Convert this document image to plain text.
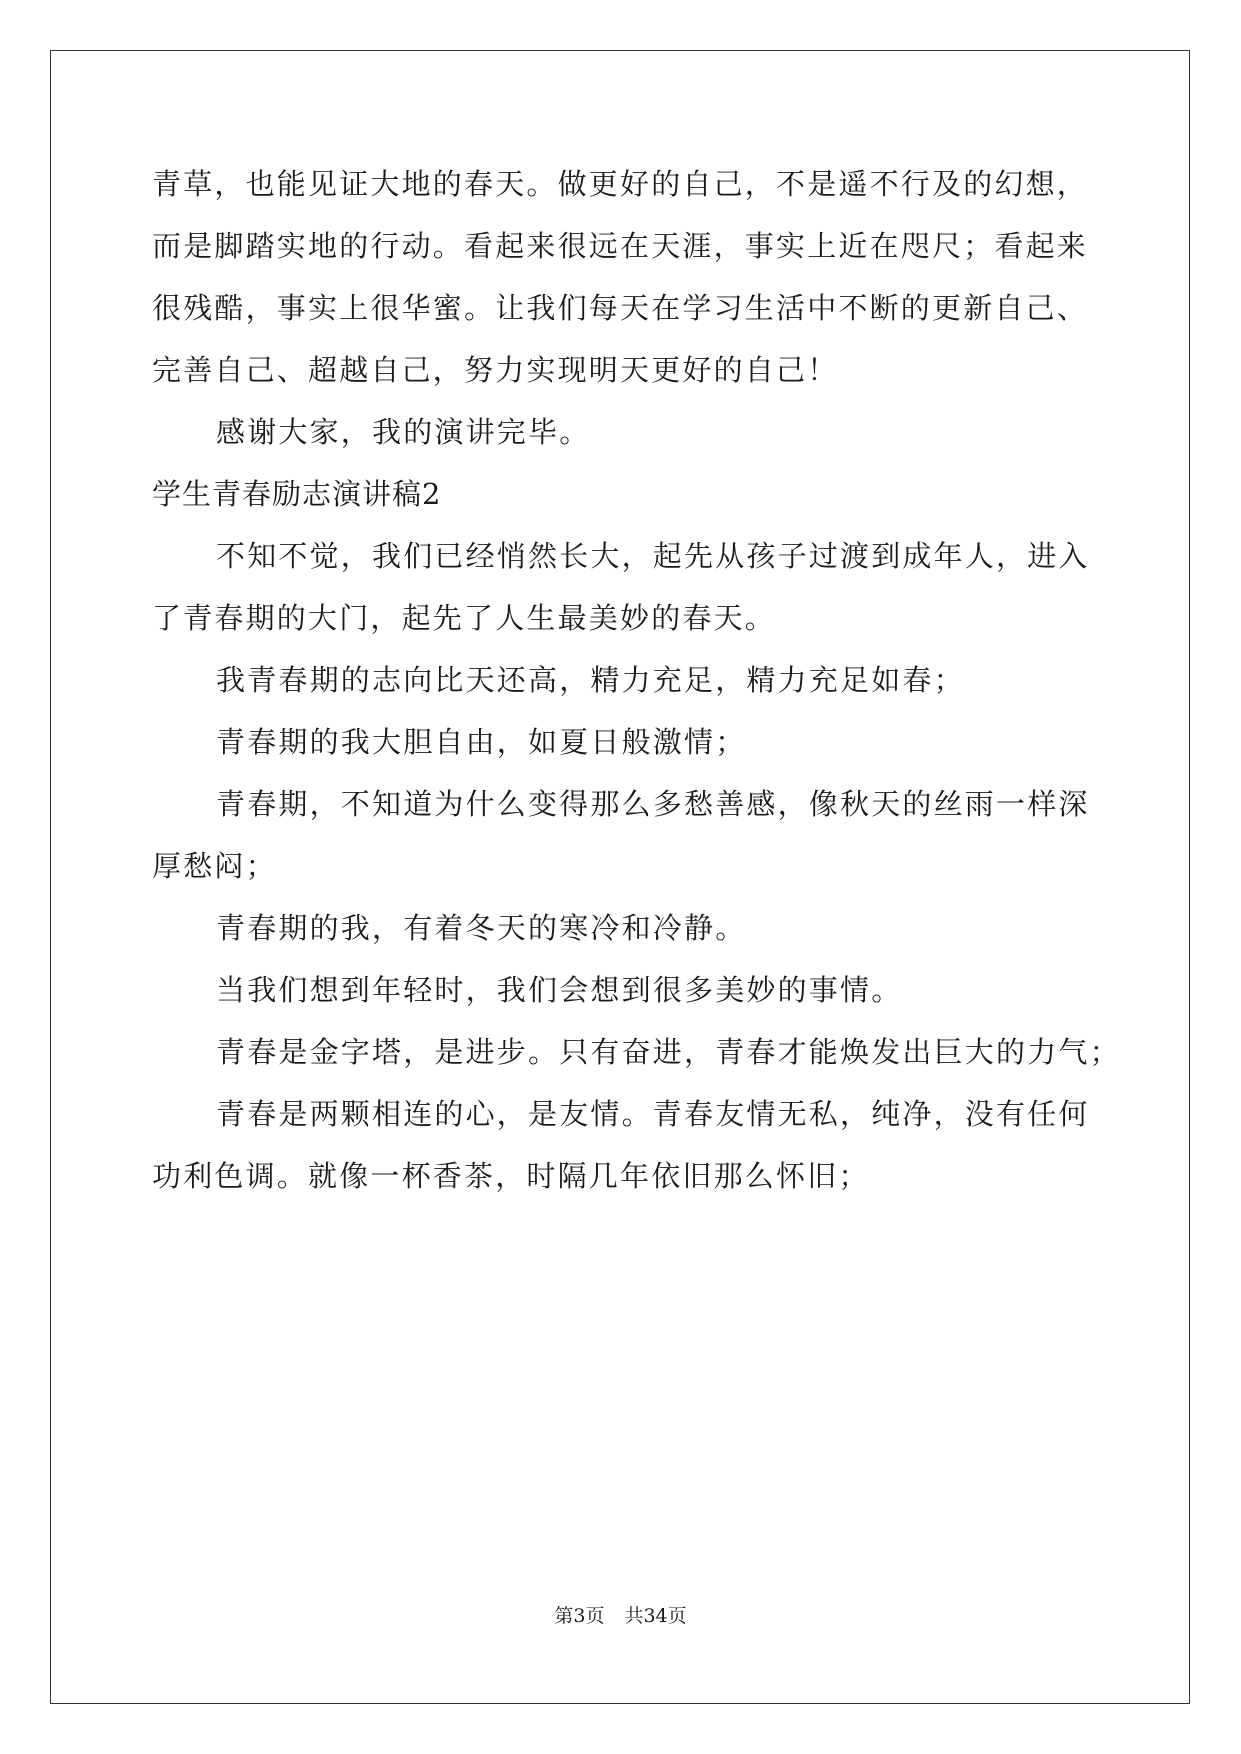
青草，也能见证大地的春天。做更好的自己，不是遥不行及的幻想，
而是脚踏实地的行动。看起来很远在天涯，事实上近在咫尺；看起来
很残酷，事实上很华蜜。让我们每天在学习生活中不断的更新自己、
完善自己、超越自己，努力实现明天更好的自己！
感谢大家，我的演讲完毕。
学生青春励志演讲稿2
不知不觉，我们已经悄然长大，起先从孩子过渡到成年人，进入
了青春期的大门，起先了人生最美妙的春天。
我青春期的志向比天还高，精力充足，精力充足如春；
青春期的我大胆自由，如夏日般激情；
青春期，不知道为什么变得那么多愁善感，像秋天的丝雨一样深
厚愁闷；
青春期的我，有着冬天的寒冷和冷静。
当我们想到年轻时，我们会想到很多美妙的事情。
青春是金字塔，是进步。只有奋进，青春才能焕发出巨大的力气；
青春是两颗相连的心，是友情。青春友情无私，纯净，没有任何
功利色调。就像一杯香茶，时隔几年依旧那么怀旧；
第3页 共34页
